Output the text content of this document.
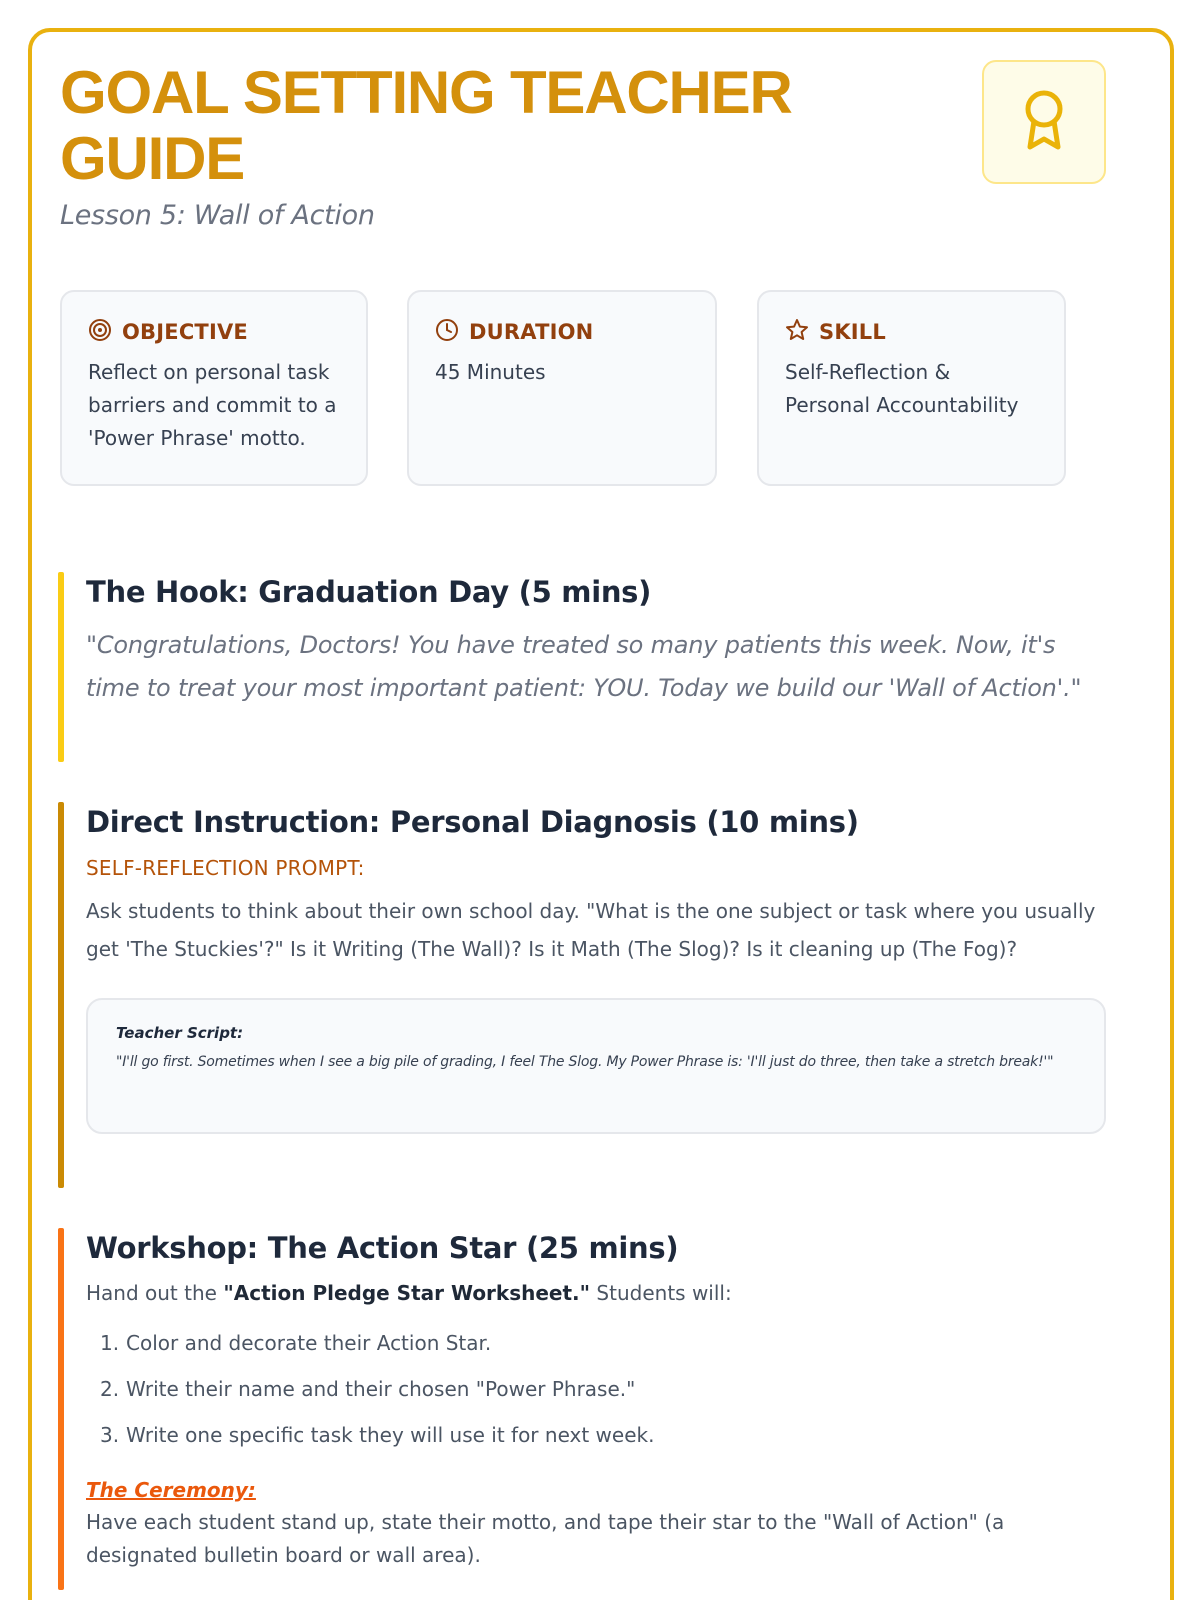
GOAL SETTING TEACHER GUIDE
Lesson 5: Wall of Action
OBJECTIVE
Reflect on personal task barriers and commit to a 'Power Phrase' motto.
DURATION
45 Minutes
SKILL
Self-Reflection & Personal Accountability
The Hook: Graduation Day (5 mins)

"Congratulations, Doctors! You have treated so many patients this week. Now, it's time to treat your most important patient: YOU. Today we build our 'Wall of Action'."

Direct Instruction: Personal Diagnosis (10 mins)
SELF-REFLECTION PROMPT:

Ask students to think about their own school day. "What is the one subject or task where you usually get 'The Stuckies'?" Is it Writing (The Wall)? Is it Math (The Slog)? Is it cleaning up (The Fog)?

Teacher Script:
"I'll go first. Sometimes when I see a big pile of grading, I feel The Slog. My Power Phrase is: 'I'll just do three, then take a stretch break!'"
Workshop: The Action Star (25 mins)

Hand out the "Action Pledge Star Worksheet." Students will:

1. Color and decorate their Action Star.
2. Write their name and their chosen "Power Phrase."
3. Write one specific task they will use it for next week.
The Ceremony:

Have each student stand up, state their motto, and tape their star to the "Wall of Action" (a designated bulletin board or wall area).
